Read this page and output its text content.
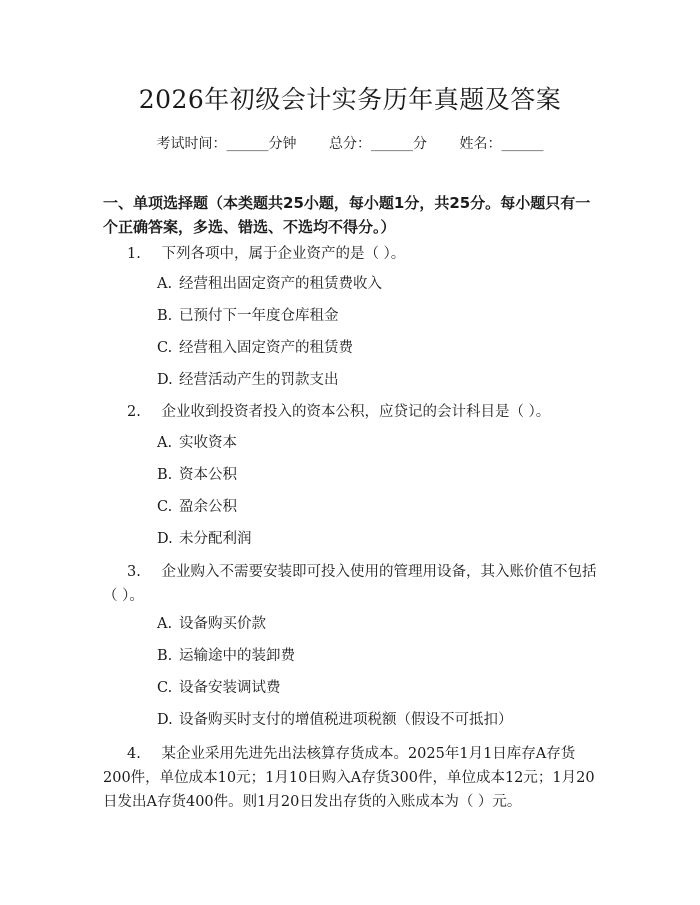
2026年初级会计实务历年真题及答案
考试时间：______分钟 总分：______分 姓名：______
一、单项选择题（本类题共25小题，每小题1分，共25分。每小题只有一个正确答案，多选、错选、不选均不得分。）
1. 下列各项中，属于企业资产的是（ ）。
A. 经营租出固定资产的租赁费收入
B. 已预付下一年度仓库租金
C. 经营租入固定资产的租赁费
D. 经营活动产生的罚款支出
2. 企业收到投资者投入的资本公积，应贷记的会计科目是（ ）。
A. 实收资本
B. 资本公积
C. 盈余公积
D. 未分配利润
3. 企业购入不需要安装即可投入使用的管理用设备，其入账价值不包括（ ）。
A. 设备购买价款
B. 运输途中的装卸费
C. 设备安装调试费
D. 设备购买时支付的增值税进项税额（假设不可抵扣）
4. 某企业采用先进先出法核算存货成本。2025年1月1日库存A存货200件，单位成本10元；1月10日购入A存货300件，单位成本12元；1月20日发出A存货400件。则1月20日发出存货的入账成本为（ ）元。
